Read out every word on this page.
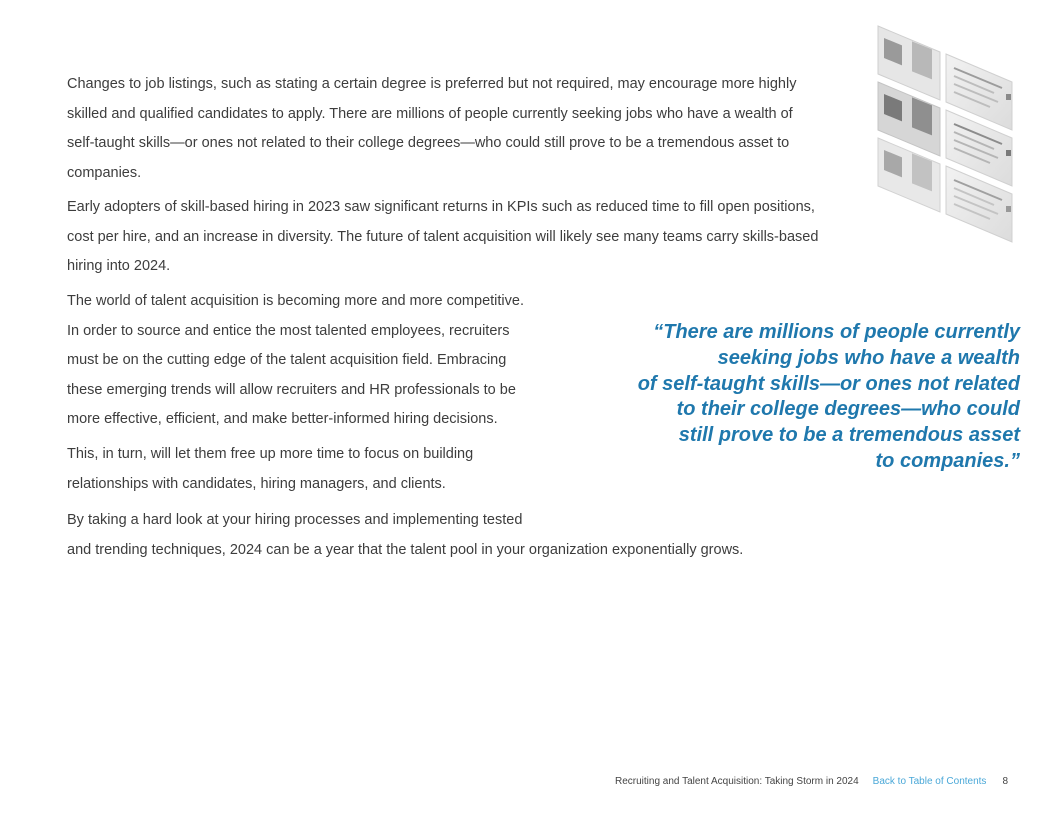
Changes to job listings, such as stating a certain degree is preferred but not required, may encourage more highly
skilled and qualified candidates to apply. There are millions of people currently seeking jobs who have a wealth of
self-taught skills—or ones not related to their college degrees—who could still prove to be a tremendous asset to
companies.

Early adopters of skill-based hiring in 2023 saw significant returns in KPIs such as reduced time to fill open positions,
cost per hire, and an increase in diversity. The future of talent acquisition will likely see many teams carry skills-based
hiring into 2024.

The world of talent acquisition is becoming more and more competitive.
In order to source and entice the most talented employees, recruiters
must be on the cutting edge of the talent acquisition field. Embracing
these emerging trends will allow recruiters and HR professionals to be
more effective, efficient, and make better-informed hiring decisions.

This, in turn, will let them free up more time to focus on building
relationships with candidates, hiring managers, and clients.

By taking a hard look at your hiring processes and implementing tested
and trending techniques, 2024 can be a year that the talent pool in your organization exponentially grows.

“There are millions of people currently
seeking jobs who have a wealth
of self-taught skills—or ones not related
to their college degrees—who could
still prove to be a tremendous asset
to companies.”

Recruiting and Talent Acquisition: Taking Storm in 2024 Back to Table of Contents 8
